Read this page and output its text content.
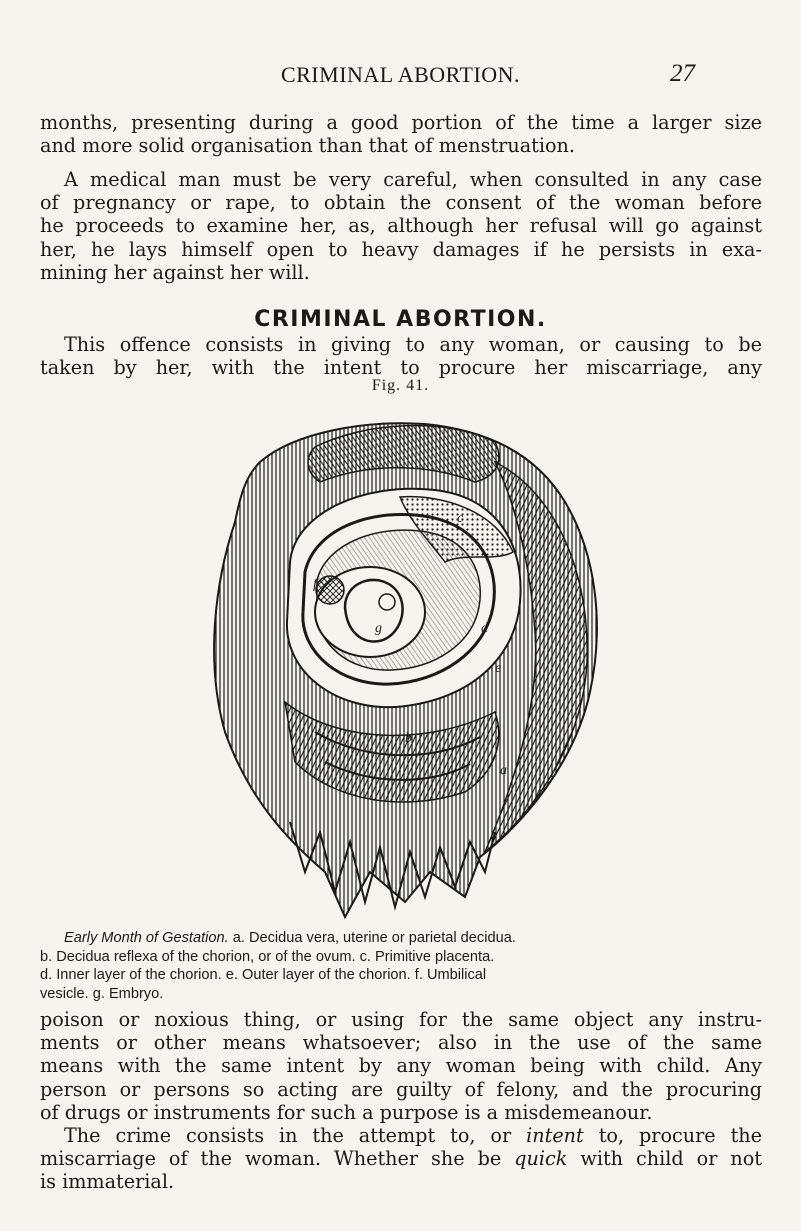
CRIMINAL ABORTION.	27

months, presenting during a good portion of the time a larger size
and more solid organisation than that of menstruation.

A medical man must be very careful, when consulted in any case
of pregnancy or rape, to obtain the consent of the woman before
he proceeds to examine her, as, although her refusal will go against
her, he lays himself open to heavy damages if he persists in exa-
mining her against her will.

CRIMINAL ABORTION.

This offence consists in giving to any woman, or causing to be
taken by her, with the intent to procure her miscarriage, any

Fig. 41.
f
g
c
d
e
b
a

Early Month of Gestation. a. Decidua vera, uterine or parietal decidua.
b. Decidua reflexa of the chorion, or of the ovum. c. Primitive placenta.
d. Inner layer of the chorion. e. Outer layer of the chorion. f. Umbilical
vesicle. g. Embryo.

poison or noxious thing, or using for the same object any instru-
ments or other means whatsoever; also in the use of the same
means with the same intent by any woman being with child. Any
person or persons so acting are guilty of felony, and the procuring
of drugs or instruments for such a purpose is a misdemeanour.

The crime consists in the attempt to, or intent to, procure the
miscarriage of the woman. Whether she be quick with child or not
is immaterial.
